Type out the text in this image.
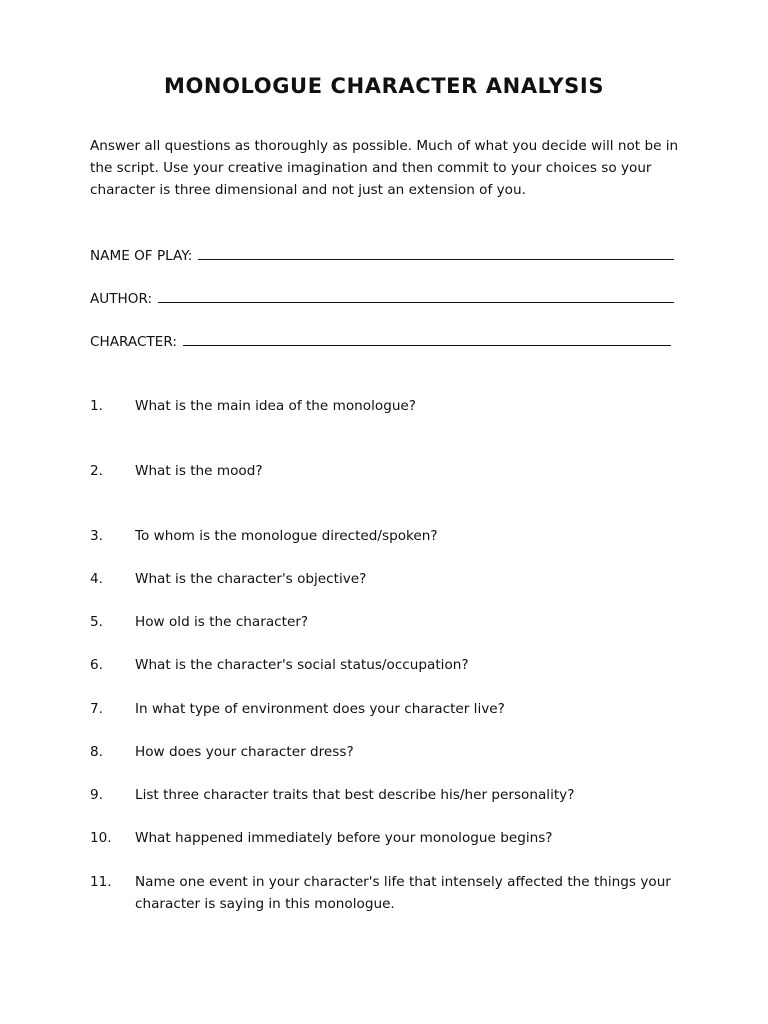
MONOLOGUE CHARACTER ANALYSIS
Answer all questions as thoroughly as possible. Much of what you decide will not be in the script. Use your creative imagination and then commit to your choices so your character is three dimensional and not just an extension of you.
NAME OF PLAY:
AUTHOR:
CHARACTER:
1. What is the main idea of the monologue?
2. What is the mood?
3. To whom is the monologue directed/spoken?
4. What is the character's objective?
5. How old is the character?
6. What is the character's social status/occupation?
7. In what type of environment does your character live?
8. How does your character dress?
9. List three character traits that best describe his/her personality?
10. What happened immediately before your monologue begins?
11. Name one event in your character's life that intensely affected the things your character is saying in this monologue.
